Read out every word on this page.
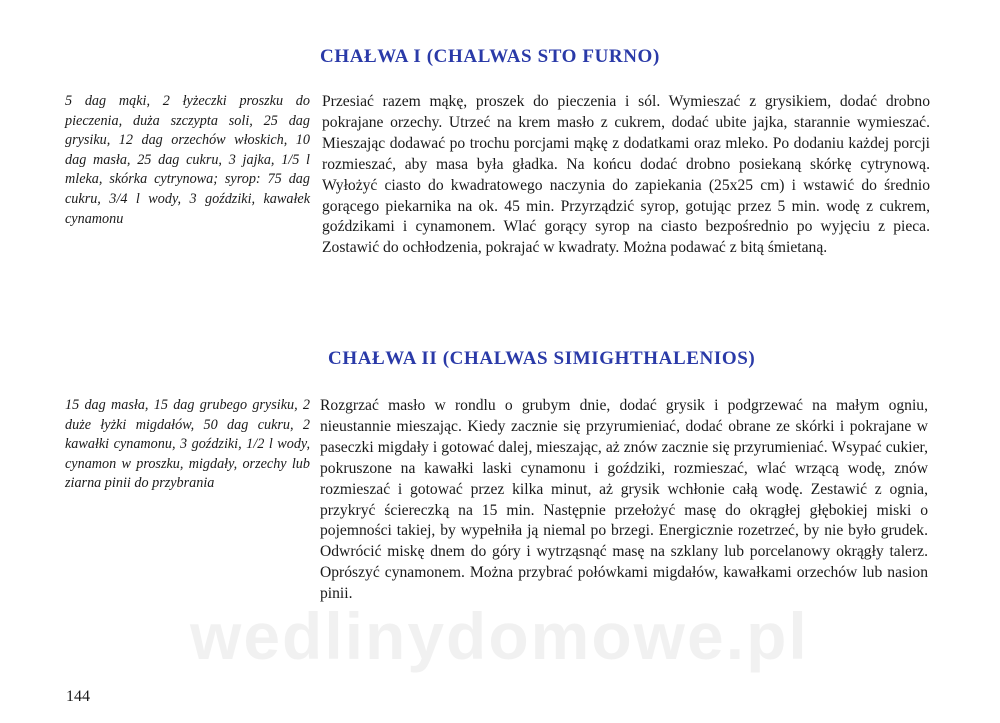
CHAŁWA I (CHALWAS STO FURNO)

5 dag mąki, 2 łyżeczki proszku do pieczenia, duża szczypta soli, 25 dag grysiku, 12 dag orzechów włoskich, 10 dag masła, 25 dag cukru, 3 jajka, 1/5 l mleka, skórka cytrynowa; syrop: 75 dag cukru, 3/4 l wody, 3 goździki, kawałek cynamonu

Przesiać razem mąkę, proszek do pieczenia i sól. Wymieszać z grysikiem, dodać drobno pokrajane orzechy. Utrzeć na krem masło z cukrem, dodać ubite jajka, starannie wymieszać. Mieszając dodawać po trochu porcjami mąkę z dodatkami oraz mleko. Po dodaniu każdej porcji rozmieszać, aby masa była gładka. Na końcu dodać drobno posiekaną skórkę cytrynową. Wyłożyć ciasto do kwadratowego naczynia do zapiekania (25x25 cm) i wstawić do średnio gorącego piekarnika na ok. 45 min. Przyrządzić syrop, gotując przez 5 min. wodę z cukrem, goździkami i cynamonem. Wlać gorący syrop na ciasto bezpośrednio po wyjęciu z pieca. Zostawić do ochłodzenia, pokrajać w kwadraty. Można podawać z bitą śmietaną.

CHAŁWA II (CHALWAS SIMIGHTHALENIOS)

15 dag masła, 15 dag grubego grysiku, 2 duże łyżki migdałów, 50 dag cukru, 2 kawałki cynamonu, 3 goździki, 1/2 l wody, cynamon w proszku, migdały, orzechy lub ziarna pinii do przybrania

Rozgrzać masło w rondlu o grubym dnie, dodać grysik i podgrzewać na małym ogniu, nieustannie mieszając. Kiedy zacznie się przyrumieniać, dodać obrane ze skórki i pokrajane w paseczki migdały i gotować dalej, mieszając, aż znów zacznie się przyrumieniać. Wsypać cukier, pokruszone na kawałki laski cynamonu i goździki, rozmieszać, wlać wrzącą wodę, znów rozmieszać i gotować przez kilka minut, aż grysik wchłonie całą wodę. Zestawić z ognia, przykryć ściereczką na 15 min. Następnie przełożyć masę do okrągłej głębokiej miski o pojemności takiej, by wypełniła ją niemal po brzegi. Energicznie rozetrzeć, by nie było grudek. Odwrócić miskę dnem do góry i wytrząsnąć masę na szklany lub porcelanowy okrągły talerz. Oprószyć cynamonem. Można przybrać połówkami migdałów, kawałkami orzechów lub nasion pinii.

wedlinydomowe.pl

144
